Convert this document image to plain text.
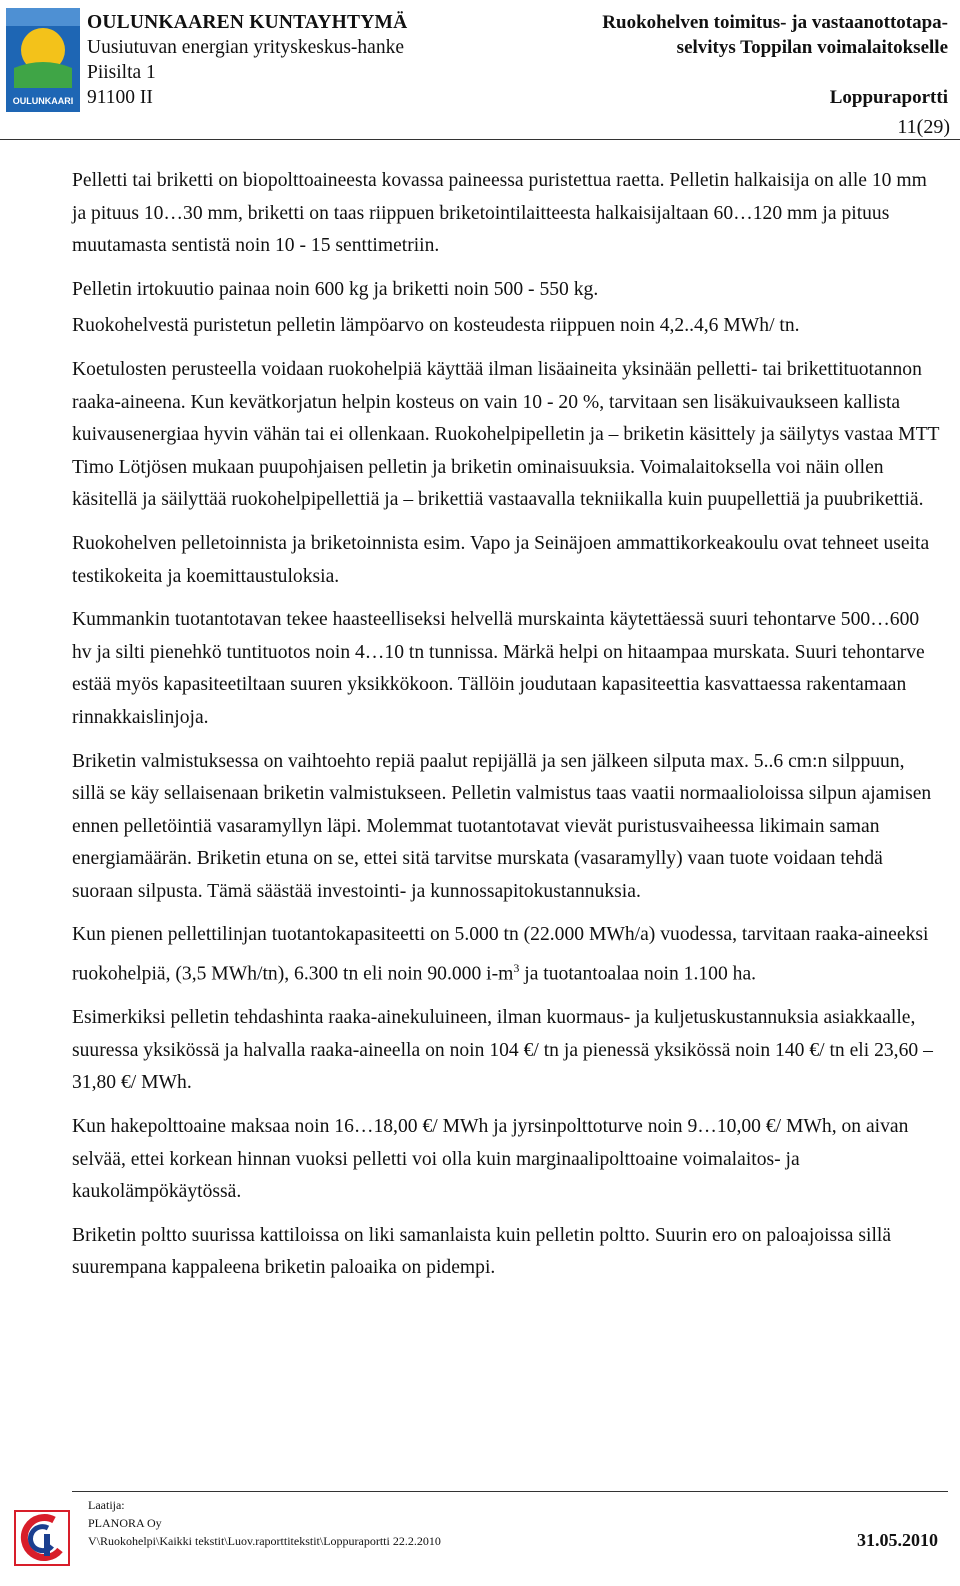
OULUNKAARI
OULUNKAAREN KUNTAYHTYMÄ
Uusiutuvan energian yrityskeskus-hanke
Piisilta 1
91100 II
Ruokohelven toimitus- ja vastaanottotapa-
selvitys Toppilan voimalaitokselle
Loppuraportti
11(29)

Pelletti tai briketti on biopolttoaineesta kovassa paineessa puristettua raetta. Pelletin halkaisija on alle 10 mm ja pituus 10…30 mm, briketti on taas riippuen briketointilaitteesta halkaisijaltaan 60…120 mm ja pituus muutamasta sentistä noin 10 - 15 senttimetriin.

Pelletin irtokuutio painaa noin 600 kg ja briketti noin 500 - 550 kg.

Ruokohelvestä puristetun pelletin lämpöarvo on kosteudesta riippuen noin 4,2..4,6 MWh/ tn.

Koetulosten perusteella voidaan ruokohelpiä käyttää ilman lisäaineita yksinään pelletti- tai brikettituotannon raaka-aineena. Kun kevätkorjatun helpin kosteus on vain 10 - 20 %, tarvitaan sen lisäkuivaukseen kallista kuivausenergiaa hyvin vähän tai ei ollenkaan. Ruokohelpipelletin ja – briketin käsittely ja säilytys vastaa MTT Timo Lötjösen mukaan puupohjaisen pelletin ja briketin ominaisuuksia. Voimalaitoksella voi näin ollen käsitellä ja säilyttää ruokohelpipellettiä ja – brikettiä vastaavalla tekniikalla kuin puupellettiä ja puubrikettiä.

Ruokohelven pelletoinnista ja briketoinnista esim. Vapo ja Seinäjoen ammattikorkeakoulu ovat tehneet useita testikokeita ja koemittaustuloksia.

Kummankin tuotantotavan tekee haasteelliseksi helvellä murskainta käytettäessä suuri tehontarve 500…600 hv ja silti pienehkö tuntituotos noin 4…10 tn tunnissa. Märkä helpi on hitaampaa murskata. Suuri tehontarve estää myös kapasiteetiltaan suuren yksikkökoon. Tällöin joudutaan kapasiteettia kasvattaessa rakentamaan rinnakkaislinjoja.

Briketin valmistuksessa on vaihtoehto repiä paalut repijällä ja sen jälkeen silputa max. 5..6 cm:n silppuun, sillä se käy sellaisenaan briketin valmistukseen. Pelletin valmistus taas vaatii normaalioloissa silpun ajamisen ennen pelletöintiä vasaramyllyn läpi. Molemmat tuotantotavat vievät puristusvaiheessa likimain saman energiamäärän. Briketin etuna on se, ettei sitä tarvitse murskata (vasaramylly) vaan tuote voidaan tehdä suoraan silpusta. Tämä säästää investointi- ja kunnossapitokustannuksia.

Kun pienen pellettilinjan tuotantokapasiteetti on 5.000 tn (22.000 MWh/a) vuodessa, tarvitaan raaka-aineeksi ruokohelpiä, (3,5 MWh/tn), 6.300 tn eli noin 90.000 $i-m^3$ ja tuotantoalaa noin 1.100 ha.

Esimerkiksi pelletin tehdashinta raaka-ainekuluineen, ilman kuormaus- ja kuljetuskustannuksia asiakkaalle, suuressa yksikössä ja halvalla raaka-aineella on noin 104 €/ tn ja pienessä yksikössä noin 140 €/ tn eli 23,60 – 31,80 €/ MWh.

Kun hakepolttoaine maksaa noin 16…18,00 €/ MWh ja jyrsinpolttoturve noin 9…10,00 €/ MWh, on aivan selvää, ettei korkean hinnan vuoksi pelletti voi olla kuin marginaalipolttoaine voimalaitos- ja kaukolämpökäytössä.

Briketin poltto suurissa kattiloissa on liki samanlaista kuin pelletin poltto. Suurin ero on paloajoissa sillä suurempana kappaleena briketin paloaika on pidempi.

Laatija:
PLANORA Oy
V\Ruokohelpi\Kaikki tekstit\Luov.raporttitekstit\Loppuraportti 22.2.2010	31.05.2010
